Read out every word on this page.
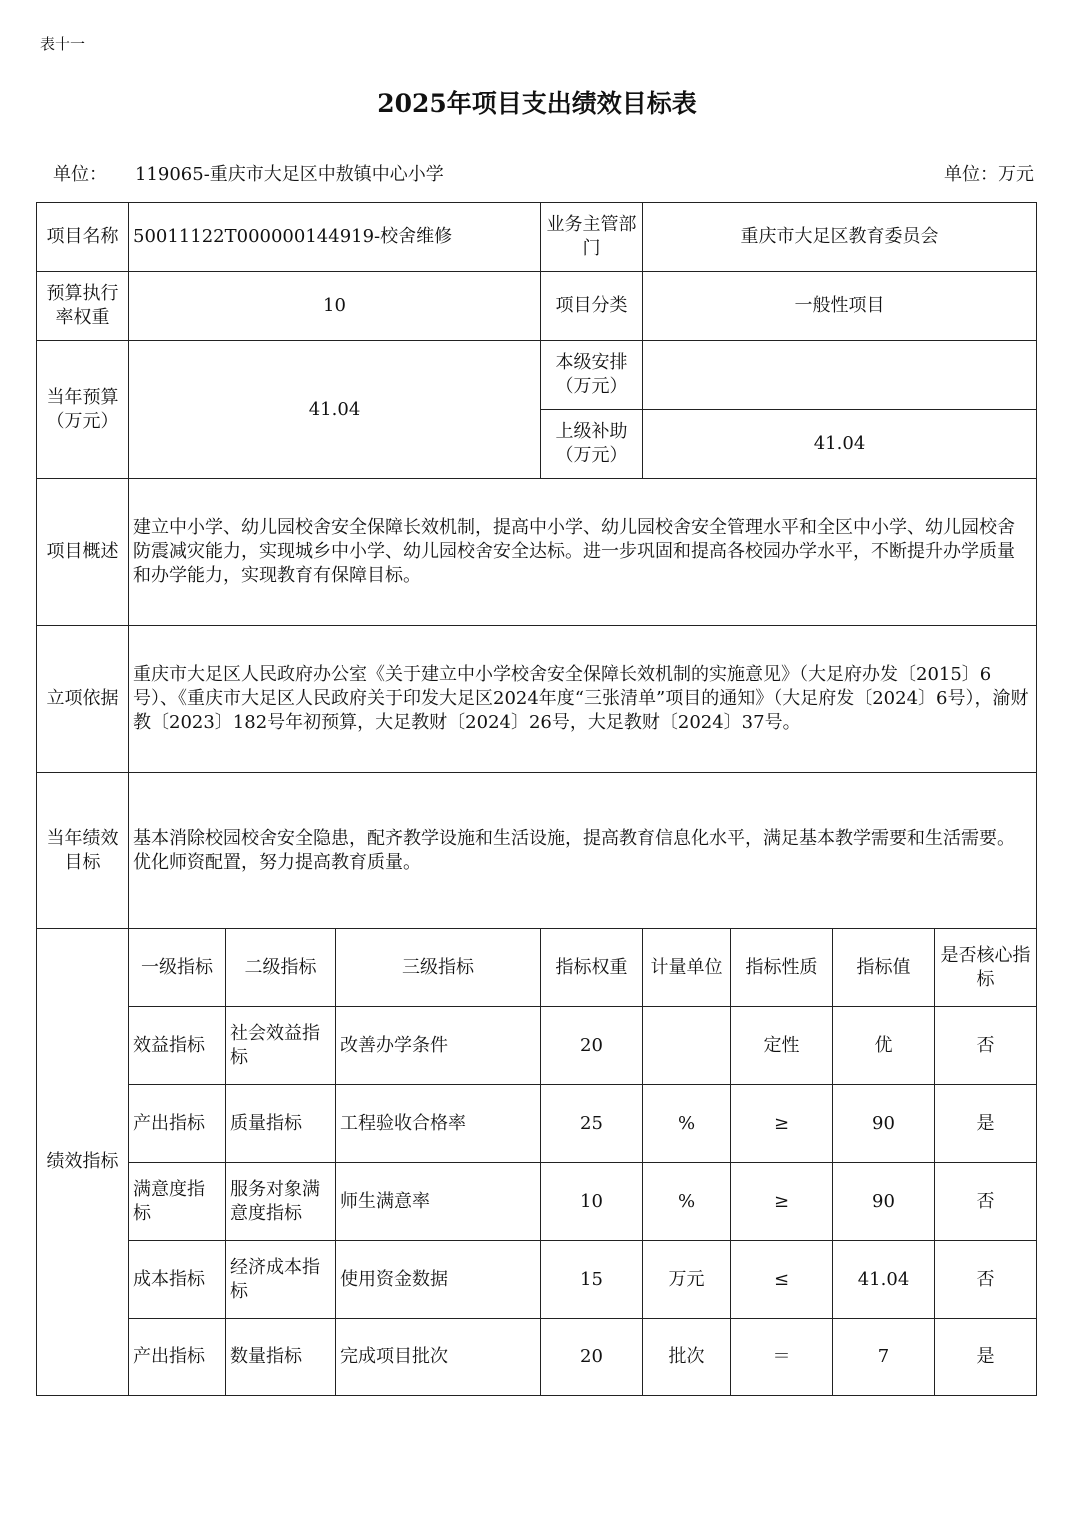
表十一
2025年项目支出绩效目标表
单位： 119065-重庆市大足区中敖镇中心小学	单位：万元
项目名称	50011122T000000144919-校舍维修			业务主管部门	重庆市大足区教育委员会			
预算执行率权重	10			项目分类	一般性项目			
当年预算（万元）	41.04			本级安排（万元）				
				上级补助（万元）	41.04			
项目概述	建立中小学、幼儿园校舍安全保障长效机制，提高中小学、幼儿园校舍安全管理水平和全区中小学、幼儿园校舍防震减灾能力，实现城乡中小学、幼儿园校舍安全达标。进一步巩固和提高各校园办学水平，不断提升办学质量和办学能力，实现教育有保障目标。							
立项依据	重庆市大足区人民政府办公室《关于建立中小学校舍安全保障长效机制的实施意见》（大足府办发〔2015〕6号）、《重庆市大足区人民政府关于印发大足区2024年度“三张清单”项目的通知》（大足府发〔2024〕6号），渝财教〔2023〕182号年初预算，大足教财〔2024〕26号，大足教财〔2024〕37号。							
当年绩效目标	基本消除校园校舍安全隐患，配齐教学设施和生活设施，提高教育信息化水平，满足基本教学需要和生活需要。优化师资配置，努力提高教育质量。							
绩效指标	一级指标	二级指标	三级指标	指标权重	计量单位	指标性质	指标值	是否核心指标
	效益指标	社会效益指标	改善办学条件	20		定性	优	否
	产出指标	质量指标	工程验收合格率	25	%	≥	90	是
	满意度指标	服务对象满意度指标	师生满意率	10	%	≥	90	否
	成本指标	经济成本指标	使用资金数据	15	万元	≤	41.04	否
	产出指标	数量指标	完成项目批次	20	批次	＝	7	是
